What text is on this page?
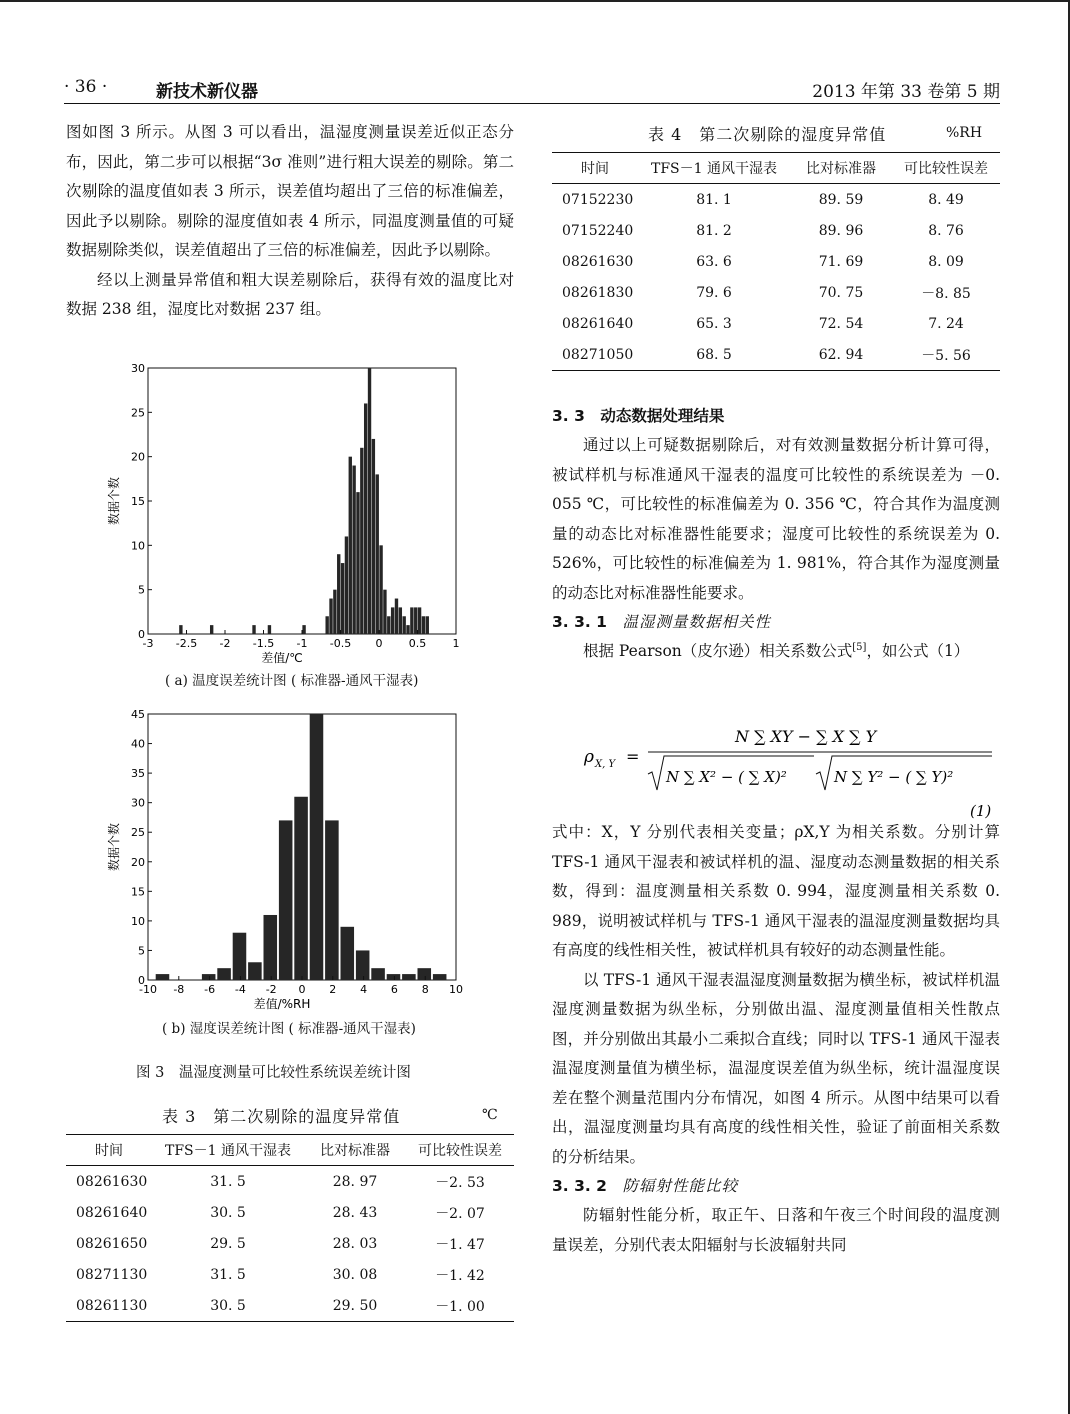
· 36 ·	新技术新仪器	2013 年第 33 卷第 5 期

图如图 3 所示。从图 3 可以看出，温湿度测量误差近似正态分布，因此，第二步可以根据“3σ 准则”进行粗大误差的剔除。第二次剔除的温度值如表 3 所示，误差值均超出了三倍的标准偏差，因此予以剔除。剔除的湿度值如表 4 所示，同温度测量值的可疑数据剔除类似，误差值超出了三倍的标准偏差，因此予以剔除。

经以上测量异常值和粗大误差剔除后，获得有效的温度比对数据 238 组，湿度比对数据 237 组。

-3 -2.5 -2 -1.5 -1 -0.5 0 0.5 1
0
5
10
15
20
25
30
差值/℃
数据个数
( a) 温度误差统计图 ( 标准器-通风干湿表)
-10 -8 -6 -4 -2 0 2 4 6 8 10
0
5
10
15
20
25
30
35
40
45
差值/%RH
数据个数
( b) 湿度误差统计图 ( 标准器-通风干湿表)
图 3　温湿度测量可比较性系统误差统计图
表 3　第二次剔除的温度异常值	℃
时间	TFS－1 通风干湿表	比对标准器	可比较性误差
08261630	31. 5	28. 97	－2. 53
08261640	30. 5	28. 43	－2. 07
08261650	29. 5	28. 03	－1. 47
08271130	31. 5	30. 08	－1. 42
08261130	30. 5	29. 50	－1. 00
表 4　第二次剔除的湿度异常值	%RH
时间	TFS－1 通风干湿表	比对标准器	可比较性误差
07152230	81. 1	89. 59	8. 49
07152240	81. 2	89. 96	8. 76
08261630	63. 6	71. 69	8. 09
08261830	79. 6	70. 75	－8. 85
08261640	65. 3	72. 54	7. 24
08271050	68. 5	62. 94	－5. 56

3. 3　 动态数据处理结果

通过以上可疑数据剔除后，对有效测量数据分析计算可得，被试样机与标准通风干湿表的温度可比较性的系统误差为 －0. 055 ℃，可比较性的标准偏差为 0. 356 ℃，符合其作为温度测量的动态比对标准器性能要求；湿度可比较性的系统误差为 0. 526%，可比较性的标准偏差为 1. 981%，符合其作为湿度测量的动态比对标准器性能要求。

3. 3. 1　 温湿测量数据相关性

根据 Pearson（皮尔逊）相关系数公式[5]，如公式（1）

ρ X, Y =
N ∑ XY − ∑ X ∑ Y
N ∑ X² − ( ∑ X)²	N ∑ Y² − ( ∑ Y)²
(1)

式中：X，Y 分别代表相关变量；ρX,Y 为相关系数。分别计算 TFS-1 通风干湿表和被试样机的温、湿度动态测量数据的相关系数，得到：温度测量相关系数 0. 994，湿度测量相关系数 0. 989，说明被试样机与 TFS-1 通风干湿表的温湿度测量数据均具有高度的线性相关性，被试样机具有较好的动态测量性能。

以 TFS-1 通风干湿表温湿度测量数据为横坐标，被试样机温湿度测量数据为纵坐标，分别做出温、湿度测量值相关性散点图，并分别做出其最小二乘拟合直线；同时以 TFS-1 通风干湿表温湿度测量值为横坐标，温湿度误差值为纵坐标，统计温湿度误差在整个测量范围内分布情况，如图 4 所示。从图中结果可以看出，温湿度测量均具有高度的线性相关性，验证了前面相关系数的分析结果。

3. 3. 2　 防辐射性能比较

防辐射性能分析，取正午、日落和午夜三个时间段的温度测量误差，分别代表太阳辐射与长波辐射共同
